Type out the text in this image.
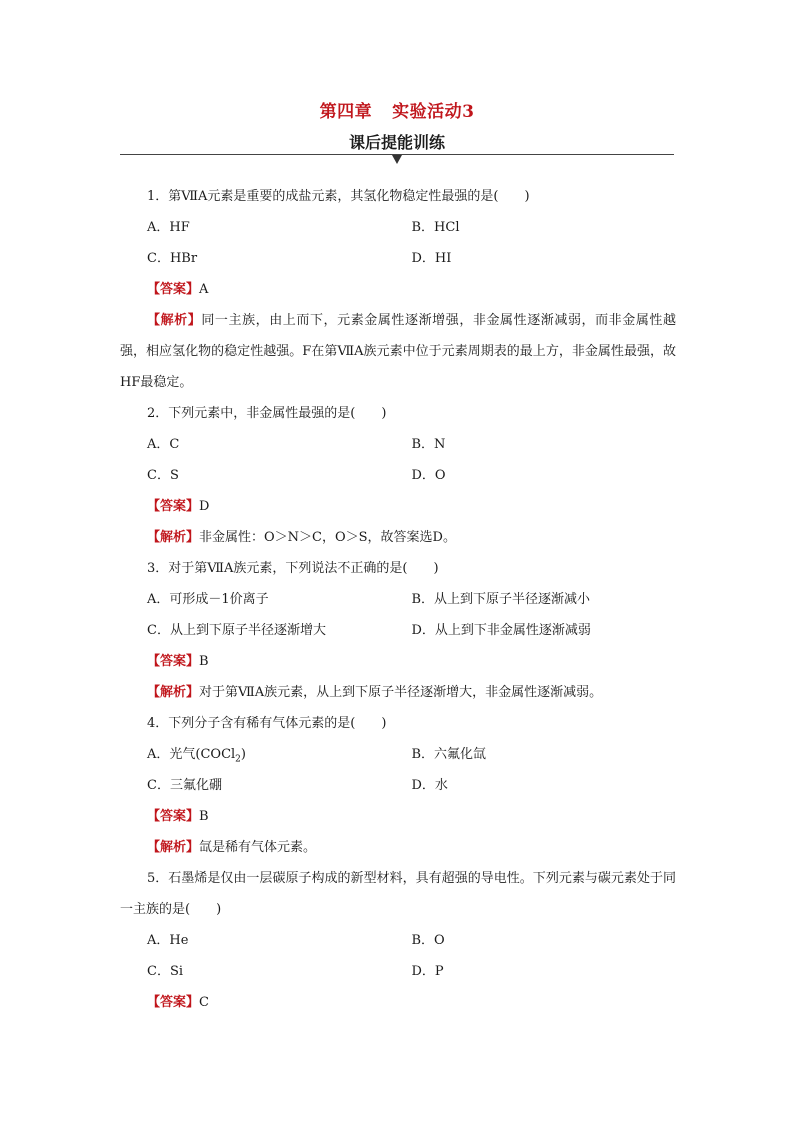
第四章 实验活动3
课后提能训练
1．第ⅦA元素是重要的成盐元素，其氢化物稳定性最强的是(　　)
A．HF	B．HCl
C．HBr	D．HI
【答案】A
【解析】同一主族，由上而下，元素金属性逐渐增强，非金属性逐渐减弱，而非金属性越强，相应氢化物的稳定性越强。F在第ⅦA族元素中位于元素周期表的最上方，非金属性最强，故HF最稳定。
2．下列元素中，非金属性最强的是(　　)
A．C	B．N
C．S	D．O
【答案】D
【解析】非金属性：O＞N＞C，O＞S，故答案选D。
3．对于第ⅦA族元素，下列说法不正确的是(　　)
A．可形成－1价离子	B．从上到下原子半径逐渐减小
C．从上到下原子半径逐渐增大	D．从上到下非金属性逐渐减弱
【答案】B
【解析】对于第ⅦA族元素，从上到下原子半径逐渐增大，非金属性逐渐减弱。
4．下列分子含有稀有气体元素的是(　　)
A．光气(COCl$_2$)	B．六氟化氙
C．三氟化硼	D．水
【答案】B
【解析】氙是稀有气体元素。
5．石墨烯是仅由一层碳原子构成的新型材料，具有超强的导电性。下列元素与碳元素处于同一主族的是(　　)
A．He	B．O
C．Si	D．P
【答案】C
